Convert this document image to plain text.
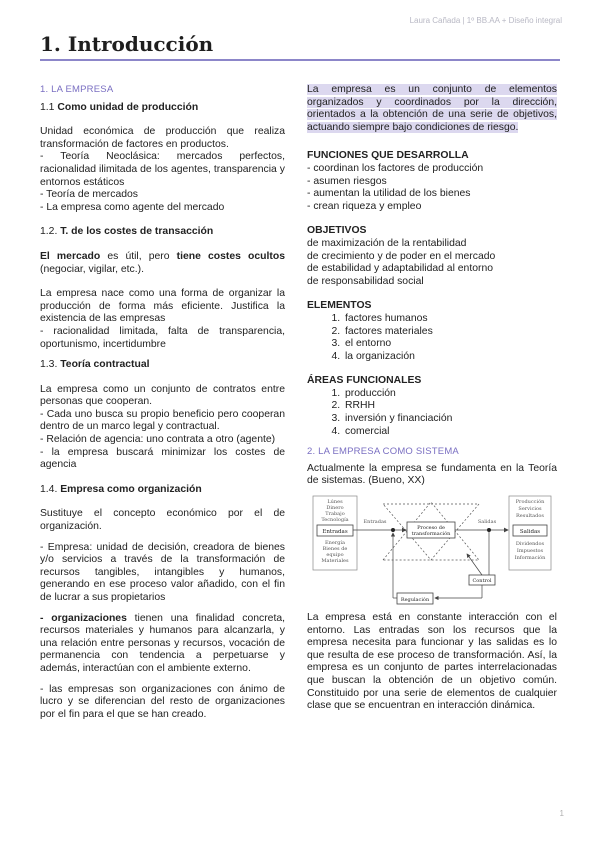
Laura Cañada | 1º BB.AA + Diseño integral
1. Introducción

1. LA EMPRESA

1.1 Como unidad de producción

Unidad económica de producción que realiza transformación de factores en productos.

- Teoría Neoclásica: mercados perfectos, racionalidad ilimitada de los agentes, transparencia y entornos estáticos

- Teoría de mercados

- La empresa como agente del mercado

1.2. T. de los costes de transacción

El mercado es útil, pero tiene costes ocultos (negociar, vigilar, etc.).

La empresa nace como una forma de organizar la producción de forma más eficiente. Justifica la existencia de las empresas

- racionalidad limitada, falta de transparencia, oportunismo, incertidumbre

1.3. Teoría contractual

La empresa como un conjunto de contratos entre personas que cooperan.

- Cada uno busca su propio beneficio pero cooperan dentro de un marco legal y contractual.

- Relación de agencia: uno contrata a otro (agente)

- la empresa buscará minimizar los costes de agencia

1.4. Empresa como organización

Sustituye el concepto económico por el de organización.

- Empresa: unidad de decisión, creadora de bienes y/o servicios a través de la transformación de recursos tangibles, intangibles y humanos, generando en ese proceso valor añadido, con el fin de lucrar a sus propietarios

- organizaciones tienen una finalidad concreta, recursos materiales y humanos para alcanzarla, y una relación entre personas y recursos, vocación de permanencia con tendencia a perpetuarse y además, interactúan con el ambiente externo.

- las empresas son organizaciones con ánimo de lucro y se diferencian del resto de organizaciones por el fin para el que se han creado.

La empresa es un conjunto de elementos organizados y coordinados por la dirección, orientados a la obtención de una serie de objetivos, actuando siempre bajo condiciones de riesgo.

FUNCIONES QUE DESARROLLA

- coordinan los factores de producción

- asumen riesgos

- aumentan la utilidad de los bienes

- crean riqueza y empleo

OBJETIVOS

de maximización de la rentabilidad

de crecimiento y de poder en el mercado

de estabilidad y adaptabilidad al entorno

de responsabilidad social

ELEMENTOS

1. factores humanos
2. factores materiales
3. el entorno
4. la organización

ÁREAS FUNCIONALES

1. producción
2. RRHH
3. inversión y financiación
4. comercial

2. LA EMPRESA COMO SISTEMA

Actualmente la empresa se fundamenta en la Teoría de sistemas. (Bueno, XX)

Lúnes
Dinero
Trabajo
Tecnología
Entradas
Energía
Bienes de
equipo
Materiales
Proceso de
transformación
Entradas	Salidas
Producción
Servicios
Resultados
Salidas
Dividendos
Impuestos
Información
Control
Regulación

La empresa está en constante interacción con el entorno. Las entradas son los recursos que la empresa necesita para funcionar y las salidas es lo que resulta de ese proceso de transformación. Así, la empresa es un conjunto de partes interrelacionadas que buscan la obtención de un objetivo común. Constituido por una serie de elementos de cualquier clase que se encuentran en interacción dinámica.

1
